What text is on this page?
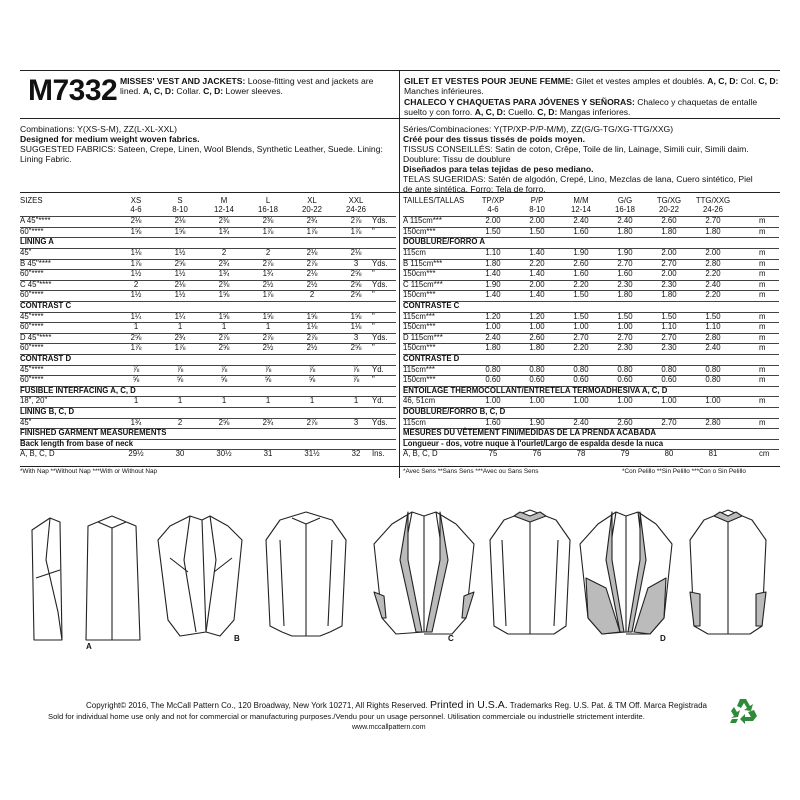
M7332 MISSES' VEST AND JACKETS: Loose-fitting vest and jackets are lined. A, C, D: Collar. C, D: Lower sleeves.
GILET ET VESTES POUR JEUNE FEMME: Gilet et vestes amples et doublés. A, C, D: Col. C, D: Manches inférieures.
CHALECO Y CHAQUETAS PARA JÓVENES Y SEÑORAS: Chaleco y chaquetas de entalle suelto y con forro. A, C, D: Cuello. C, D: Mangas inferiores.
Combinations: Y(XS-S-M), ZZ(L-XL-XXL)
Designed for medium weight woven fabrics.
SUGGESTED FABRICS: Sateen, Crepe, Linen, Wool Blends, Synthetic Leather, Suede. Lining:
Lining Fabric.
Séries/Combinaciones: Y(TP/XP-P/P-M/M), ZZ(G/G-TG/XG-TTG/XXG)
Créé pour des tissus tissés de poids moyen.
TISSUS CONSEILLÉS: Satin de coton, Crêpe, Toile de lin, Lainage, Simili cuir, Simili daim.
Doublure: Tissu de doublure
Diseñados para telas tejidas de peso mediano.
TELAS SUGERIDAS: Satén de algodón, Crepé, Lino, Mezclas de lana, Cuero sintético, Piel
de ante sintética. Forro: Tela de forro.
SIZES	XS	S	M	L	XL	XXL
4-6	8-10	12-14	16-18	20-22	24-26
A 45"****	2⅛	2⅛	2⅜	2⅜	2¾	2⅞	Yds.
60"****	1⅝	1⅝	1¾	1⅞	1⅞	1⅞	"
LINING A
45"	1⅛	1½	2	2	2⅛	2⅛
B 45"****	1⅞	2⅝	2¾	2⅞	2⅞	3	Yds.
60"****	1½	1½	1¾	1¾	2⅛	2⅝	"
C 45"****	2	2⅛	2⅜	2½	2½	2⅝	Yds.
60"****	1½	1½	1⅝	1⅞	2	2⅝	"
CONTRAST C
45"****	1¼	1¼	1⅝	1⅝	1⅝	1⅝	"
60"****	1	1	1	1	1⅛	1⅛	"
D 45"****	2⅝	2¾	2⅞	2⅞	2⅞	3	Yds.
60"****	1⅞	1⅞	2⅝	2½	2½	2⅝	"
CONTRAST D
45"****	⅞	⅞	⅞	⅞	⅞	⅞	Yd.
60"****	⅝	⅝	⅝	⅝	⅝	⅞	"
FUSIBLE INTERFACING A, C, D
18", 20"	1	1	1	1	1	1	Yd.
LINING B, C, D
45"	1¾	2	2⅝	2¾	2⅞	3	Yds.
FINISHED GARMENT MEASUREMENTS
Back length from base of neck
A, B, C, D	29½	30	30½	31	31½	32	Ins.
TAILLES/TALLAS	TP/XP	P/P	M/M	G/G	TG/XG	TTG/XXG
4-6	8-10	12-14	16-18	20-22	24-26
A 115cm***	2.00	2.00	2.40	2.40	2.60	2.70	m
150cm***	1.50	1.50	1.60	1.80	1.80	1.80	m
DOUBLURE/FORRO A
115cm	1.10	1.40	1.90	1.90	2.00	2.00	m
B 115cm***	1.80	2.20	2.60	2.70	2.70	2.80	m
150cm***	1.40	1.40	1.60	1.60	2.00	2.20	m
C 115cm***	1.90	2.00	2.20	2.30	2.30	2.40	m
150cm***	1.40	1.40	1.50	1.80	1.80	2.20	m
CONTRASTE C
115cm***	1.20	1.20	1.50	1.50	1.50	1.50	m
150cm***	1.00	1.00	1.00	1.00	1.10	1.10	m
D 115cm***	2.40	2.60	2.70	2.70	2.70	2.80	m
150cm***	1.80	1.80	2.20	2.30	2.30	2.40	m
CONTRASTE D
115cm***	0.80	0.80	0.80	0.80	0.80	0.80	m
150cm***	0.60	0.60	0.60	0.60	0.60	0.80	m
ENTOILAGE THERMOCOLLANT/ENTRETELA TERMOADHESIVA A, C, D
46, 51cm	1.00	1.00	1.00	1.00	1.00	1.00	m
DOUBLURE/FORRO B, C, D
115cm	1.60	1.90	2.40	2.60	2.70	2.80	m
MESURES DU VÊTEMENT FINI/MEDIDAS DE LA PRENDA ACABADA
Longueur - dos, votre nuque à l'ourlet/Largo de espalda desde la nuca
A, B, C, D	75	76	78	79	80	81	cm
*With Nap **Without Nap ***With or Without Nap	*Avec Sens **Sans Sens ***Avec ou Sans Sens	*Con Pelillo **Sin Pelillo ***Con o Sin Pelillo
A
B	C	D
Copyright© 2016, The McCall Pattern Co., 120 Broadway, New York 10271, All Rights Reserved. Printed in U.S.A. Trademarks Reg. U.S. Pat. & TM Off. Marca Registrada
Sold for individual home use only and not for commercial or manufacturing purposes./Vendu pour un usage personnel. Utilisation commerciale ou industrielle strictement interdite.
www.mccallpattern.com
